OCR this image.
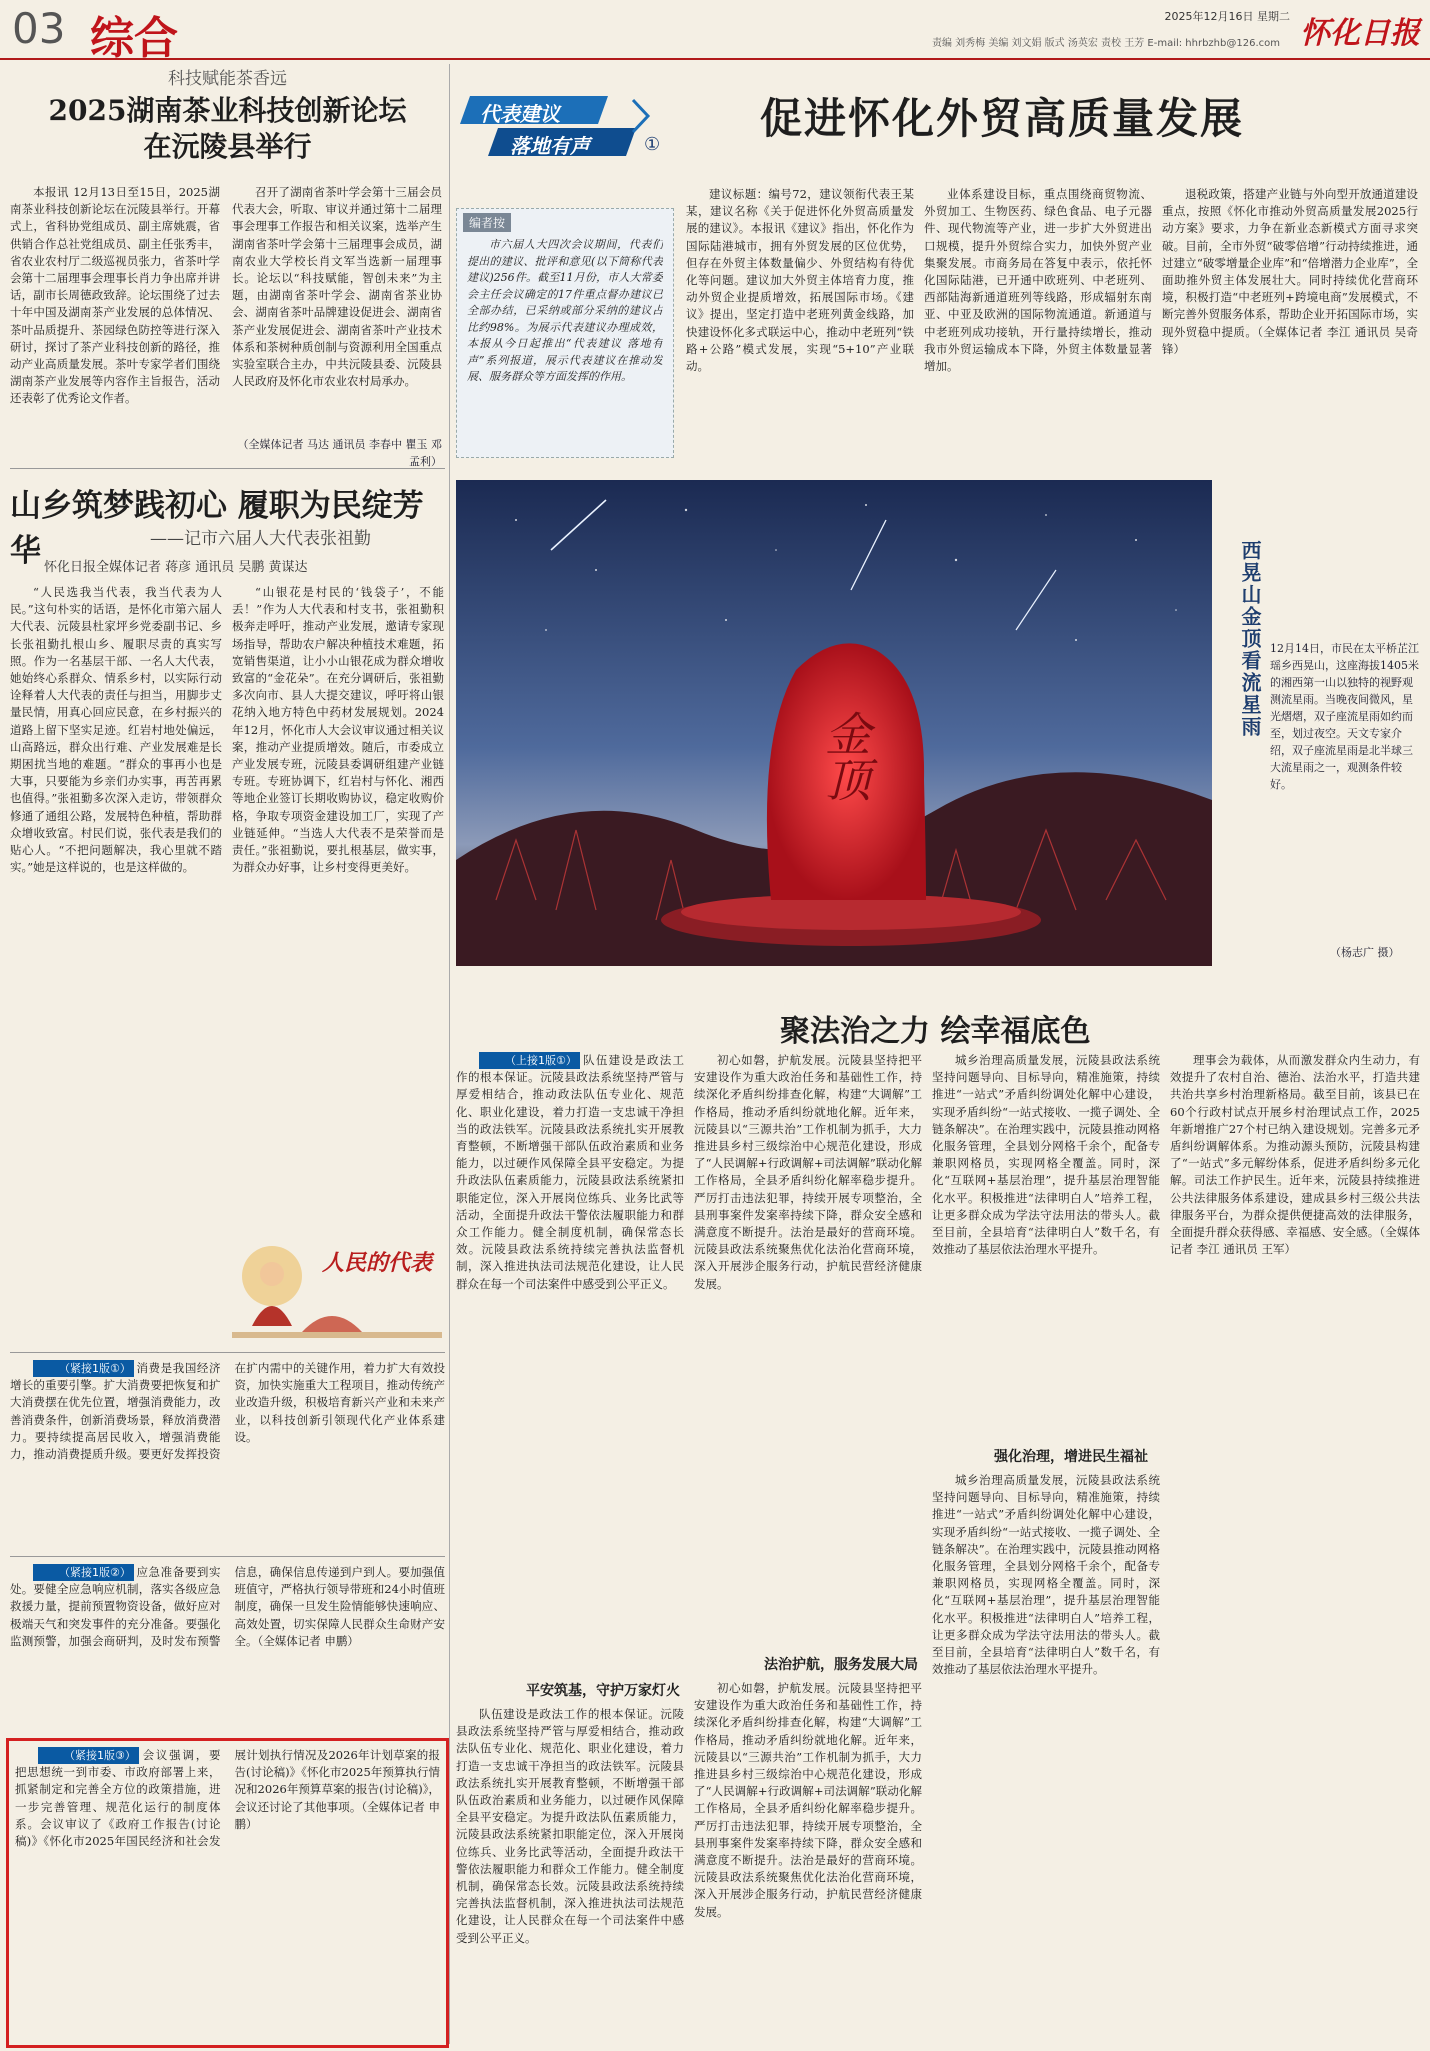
03 综合	2025年12月16日 星期二
责编 刘秀梅 美编 刘文娟 版式 汤英宏 责校 王芳 E-mail: hhrbzhb@126.com 怀化日报
科技赋能茶香远
2025湖南茶业科技创新论坛
在沅陵县举行

本报讯 12月13日至15日，2025湖南茶业科技创新论坛在沅陵县举行。开幕式上，省科协党组成员、副主席姚震，省供销合作总社党组成员、副主任张秀丰，省农业农村厅二级巡视员张力，省茶叶学会第十二届理事会理事长肖力争出席并讲话，副市长周德政致辞。论坛围绕了过去十年中国及湖南茶产业发展的总体情况、茶叶品质提升、茶园绿色防控等进行深入研讨，探讨了茶产业科技创新的路径，推动产业高质量发展。茶叶专家学者们围绕湖南茶产业发展等内容作主旨报告，活动还表彰了优秀论文作者。

召开了湖南省茶叶学会第十三届会员代表大会，听取、审议并通过第十二届理事会理事工作报告和相关议案，选举产生湖南省茶叶学会第十三届理事会成员，湖南农业大学校长肖文军当选新一届理事长。论坛以“科技赋能，智创未来”为主题，由湖南省茶叶学会、湖南省茶业协会、湖南省茶叶品牌建设促进会、湖南省茶产业发展促进会、湖南省茶叶产业技术体系和茶树种质创制与资源利用全国重点实验室联合主办，中共沅陵县委、沅陵县人民政府及怀化市农业农村局承办。

（全媒体记者 马达 通讯员 李春中 瞿玉 邓孟利）
山乡筑梦践初心 履职为民绽芳华	——记市六届人大代表张祖勤
怀化日报全媒体记者 蒋彦 通讯员 吴鹏 黄谋达

“人民选我当代表，我当代表为人民。”这句朴实的话语，是怀化市第六届人大代表、沅陵县杜家坪乡党委副书记、乡长张祖勤扎根山乡、履职尽责的真实写照。作为一名基层干部、一名人大代表，她始终心系群众、情系乡村，以实际行动诠释着人大代表的责任与担当，用脚步丈量民情，用真心回应民意，在乡村振兴的道路上留下坚实足迹。红岩村地处偏远，山高路远，群众出行难、产业发展难是长期困扰当地的难题。“群众的事再小也是大事，只要能为乡亲们办实事，再苦再累也值得。”张祖勤多次深入走访，带领群众修通了通组公路，发展特色种植，帮助群众增收致富。村民们说，张代表是我们的贴心人。“不把问题解决，我心里就不踏实。”她是这样说的，也是这样做的。

“山银花是村民的‘钱袋子’，不能丢！”作为人大代表和村支书，张祖勤积极奔走呼吁，推动产业发展，邀请专家现场指导，帮助农户解决种植技术难题，拓宽销售渠道，让小小山银花成为群众增收致富的“金花朵”。在充分调研后，张祖勤多次向市、县人大提交建议，呼吁将山银花纳入地方特色中药材发展规划。2024年12月，怀化市人大会议审议通过相关议案，推动产业提质增效。随后，市委成立产业发展专班，沅陵县委调研组建产业链专班。专班协调下，红岩村与怀化、湘西等地企业签订长期收购协议，稳定收购价格，争取专项资金建设加工厂，实现了产业链延伸。“当选人大代表不是荣誉而是责任。”张祖勤说，要扎根基层，做实事，为群众办好事，让乡村变得更美好。

人民的代表
代表建议
落地有声	①
促进怀化外贸高质量发展
编者按

市六届人大四次会议期间，代表们提出的建议、批评和意见(以下简称代表建议)256件。截至11月份，市人大常委会主任会议确定的17件重点督办建议已全部办结，已采纳或部分采纳的建议占比约98%。为展示代表建议办理成效，本报从今日起推出“代表建议 落地有声”系列报道，展示代表建议在推动发展、服务群众等方面发挥的作用。

建议标题：编号72，建议领衔代表王某某，建议名称《关于促进怀化外贸高质量发展的建议》。本报讯《建议》指出，怀化作为国际陆港城市，拥有外贸发展的区位优势，但存在外贸主体数量偏少、外贸结构有待优化等问题。建议加大外贸主体培育力度，推动外贸企业提质增效，拓展国际市场。《建议》提出，坚定打造中老班列黄金线路，加快建设怀化多式联运中心，推动中老班列“铁路+公路”模式发展，实现“5+10”产业联动。

业体系建设目标，重点围绕商贸物流、外贸加工、生物医药、绿色食品、电子元器件、现代物流等产业，进一步扩大外贸进出口规模，提升外贸综合实力，加快外贸产业集聚发展。市商务局在答复中表示，依托怀化国际陆港，已开通中欧班列、中老班列、西部陆海新通道班列等线路，形成辐射东南亚、中亚及欧洲的国际物流通道。新通道与中老班列成功接轨，开行量持续增长，推动我市外贸运输成本下降，外贸主体数量显著增加。

退税政策，搭建产业链与外向型开放通道建设重点，按照《怀化市推动外贸高质量发展2025行动方案》要求，力争在新业态新模式方面寻求突破。目前，全市外贸“破零倍增”行动持续推进，通过建立“破零增量企业库”和“倍增潜力企业库”，全面助推外贸主体发展壮大。同时持续优化营商环境，积极打造“中老班列+跨境电商”发展模式，不断完善外贸服务体系，帮助企业开拓国际市场，实现外贸稳中提质。（全媒体记者 李江 通讯员 吴奇锋）

金顶
西晃山金顶看流星雨 12月14日，市民在太平桥芷江瑶乡西晃山，这座海拔1405米的湘西第一山以独特的视野观测流星雨。当晚夜间微风，星光熠熠，双子座流星雨如约而至，划过夜空。天文专家介绍，双子座流星雨是北半球三大流星雨之一，观测条件较好。
（杨志广 摄）
聚法治之力 绘幸福底色

（上接1版①） 队伍建设是政法工作的根本保证。沅陵县政法系统坚持严管与厚爱相结合，推动政法队伍专业化、规范化、职业化建设，着力打造一支忠诚干净担当的政法铁军。沅陵县政法系统扎实开展教育整顿，不断增强干部队伍政治素质和业务能力，以过硬作风保障全县平安稳定。为提升政法队伍素质能力，沅陵县政法系统紧扣职能定位，深入开展岗位练兵、业务比武等活动，全面提升政法干警依法履职能力和群众工作能力。健全制度机制，确保常态长效。沅陵县政法系统持续完善执法监督机制，深入推进执法司法规范化建设，让人民群众在每一个司法案件中感受到公平正义。

平安筑基，守护万家灯火

队伍建设是政法工作的根本保证。沅陵县政法系统坚持严管与厚爱相结合，推动政法队伍专业化、规范化、职业化建设，着力打造一支忠诚干净担当的政法铁军。沅陵县政法系统扎实开展教育整顿，不断增强干部队伍政治素质和业务能力，以过硬作风保障全县平安稳定。为提升政法队伍素质能力，沅陵县政法系统紧扣职能定位，深入开展岗位练兵、业务比武等活动，全面提升政法干警依法履职能力和群众工作能力。健全制度机制，确保常态长效。沅陵县政法系统持续完善执法监督机制，深入推进执法司法规范化建设，让人民群众在每一个司法案件中感受到公平正义。

初心如磐，护航发展。沅陵县坚持把平安建设作为重大政治任务和基础性工作，持续深化矛盾纠纷排查化解，构建“大调解”工作格局，推动矛盾纠纷就地化解。近年来，沅陵县以“三源共治”工作机制为抓手，大力推进县乡村三级综治中心规范化建设，形成了“人民调解+行政调解+司法调解”联动化解工作格局，全县矛盾纠纷化解率稳步提升。严厉打击违法犯罪，持续开展专项整治，全县刑事案件发案率持续下降，群众安全感和满意度不断提升。法治是最好的营商环境。沅陵县政法系统聚焦优化法治化营商环境，深入开展涉企服务行动，护航民营经济健康发展。

法治护航，服务发展大局

初心如磐，护航发展。沅陵县坚持把平安建设作为重大政治任务和基础性工作，持续深化矛盾纠纷排查化解，构建“大调解”工作格局，推动矛盾纠纷就地化解。近年来，沅陵县以“三源共治”工作机制为抓手，大力推进县乡村三级综治中心规范化建设，形成了“人民调解+行政调解+司法调解”联动化解工作格局，全县矛盾纠纷化解率稳步提升。严厉打击违法犯罪，持续开展专项整治，全县刑事案件发案率持续下降，群众安全感和满意度不断提升。法治是最好的营商环境。沅陵县政法系统聚焦优化法治化营商环境，深入开展涉企服务行动，护航民营经济健康发展。

城乡治理高质量发展，沅陵县政法系统坚持问题导向、目标导向，精准施策，持续推进“一站式”矛盾纠纷调处化解中心建设，实现矛盾纠纷“一站式接收、一揽子调处、全链条解决”。在治理实践中，沅陵县推动网格化服务管理，全县划分网格千余个，配备专兼职网格员，实现网格全覆盖。同时，深化“互联网+基层治理”，提升基层治理智能化水平。积极推进“法律明白人”培养工程，让更多群众成为学法守法用法的带头人。截至目前，全县培育“法律明白人”数千名，有效推动了基层依法治理水平提升。

强化治理，增进民生福祉

城乡治理高质量发展，沅陵县政法系统坚持问题导向、目标导向，精准施策，持续推进“一站式”矛盾纠纷调处化解中心建设，实现矛盾纠纷“一站式接收、一揽子调处、全链条解决”。在治理实践中，沅陵县推动网格化服务管理，全县划分网格千余个，配备专兼职网格员，实现网格全覆盖。同时，深化“互联网+基层治理”，提升基层治理智能化水平。积极推进“法律明白人”培养工程，让更多群众成为学法守法用法的带头人。截至目前，全县培育“法律明白人”数千名，有效推动了基层依法治理水平提升。

理事会为载体，从而激发群众内生动力，有效提升了农村自治、德治、法治水平，打造共建共治共享乡村治理新格局。截至目前，该县已在60个行政村试点开展乡村治理试点工作，2025年新增推广27个村已纳入建设规划。完善多元矛盾纠纷调解体系。为推动源头预防，沅陵县构建了“一站式”多元解纷体系，促进矛盾纠纷多元化解。司法工作护民生。近年来，沅陵县持续推进公共法律服务体系建设，建成县乡村三级公共法律服务平台，为群众提供便捷高效的法律服务，全面提升群众获得感、幸福感、安全感。（全媒体记者 李江 通讯员 王军）

（紧接1版①） 消费是我国经济增长的重要引擎。扩大消费要把恢复和扩大消费摆在优先位置，增强消费能力，改善消费条件，创新消费场景，释放消费潜力。要持续提高居民收入，增强消费能力，推动消费提质升级。要更好发挥投资在扩内需中的关键作用，着力扩大有效投资，加快实施重大工程项目，推动传统产业改造升级，积极培育新兴产业和未来产业，以科技创新引领现代化产业体系建设。

（紧接1版②） 应急准备要到实处。要健全应急响应机制，落实各级应急救援力量，提前预置物资设备，做好应对极端天气和突发事件的充分准备。要强化监测预警，加强会商研判，及时发布预警信息，确保信息传递到户到人。要加强值班值守，严格执行领导带班和24小时值班制度，确保一旦发生险情能够快速响应、高效处置，切实保障人民群众生命财产安全。（全媒体记者 申鹏）

（紧接1版③） 会议强调，要把思想统一到市委、市政府部署上来，抓紧制定和完善全方位的政策措施，进一步完善管理、规范化运行的制度体系。会议审议了《政府工作报告(讨论稿)》《怀化市2025年国民经济和社会发展计划执行情况及2026年计划草案的报告(讨论稿)》《怀化市2025年预算执行情况和2026年预算草案的报告(讨论稿)》，会议还讨论了其他事项。（全媒体记者 申鹏）
